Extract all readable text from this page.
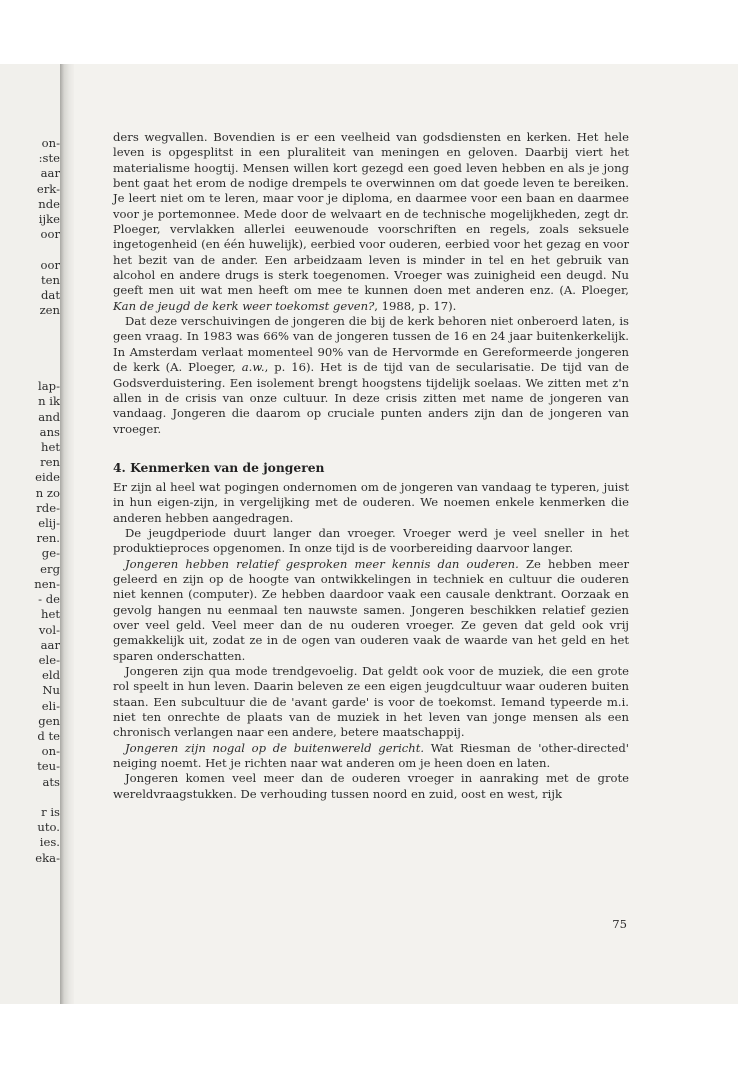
on-
:ste
aar
erk-
nde
ijke
oor

oor
ten
dat
zen

lap-
n ik
and
ans
het
ren
eide
n zo
rde-
elij-
ren.
ge-
erg
nen-
- de
het
vol-
aar
ele-
eld
Nu
eli-
gen
d te
on-
teu-
ats

r is
uto.
ies.
eka-

ders wegvallen. Bovendien is er een veelheid van godsdiensten en kerken. Het hele leven is opgesplitst in een pluraliteit van meningen en geloven. Daarbij viert het materialisme hoogtij. Mensen willen kort gezegd een goed leven hebben en als je jong bent gaat het erom de nodige drempels te overwinnen om dat goede leven te bereiken. Je leert niet om te leren, maar voor je diploma, en daarmee voor een baan en daarmee voor je portemonnee. Mede door de welvaart en de technische mogelijkheden, zegt dr. Ploeger, vervlakken allerlei eeuwenoude voorschriften en regels, zoals seksuele ingetogenheid (en één huwelijk), eerbied voor ouderen, eerbied voor het gezag en voor het bezit van de ander. Een arbeidzaam leven is minder in tel en het gebruik van alcohol en andere drugs is sterk toegenomen. Vroeger was zuinigheid een deugd. Nu geeft men uit wat men heeft om mee te kunnen doen met anderen enz. (A. Ploeger, Kan de jeugd de kerk weer toekomst geven?, 1988, p. 17).

Dat deze verschuivingen de jongeren die bij de kerk behoren niet onberoerd laten, is geen vraag. In 1983 was 66% van de jongeren tussen de 16 en 24 jaar buitenkerkelijk. In Amsterdam verlaat momenteel 90% van de Hervormde en Gereformeerde jongeren de kerk (A. Ploeger, a.w., p. 16). Het is de tijd van de secularisatie. De tijd van de Godsverduistering. Een isolement brengt hoogstens tijdelijk soelaas. We zitten met z'n allen in de crisis van onze cultuur. In deze crisis zitten met name de jongeren van vandaag. Jongeren die daarom op cruciale punten anders zijn dan de jongeren van vroeger.

4. Kenmerken van de jongeren

Er zijn al heel wat pogingen ondernomen om de jongeren van vandaag te typeren, juist in hun eigen-zijn, in vergelijking met de ouderen. We noemen enkele kenmerken die anderen hebben aangedragen.

De jeugdperiode duurt langer dan vroeger. Vroeger werd je veel sneller in het produktieproces opgenomen. In onze tijd is de voorbereiding daarvoor langer.

Jongeren hebben relatief gesproken meer kennis dan ouderen. Ze hebben meer geleerd en zijn op de hoogte van ontwikkelingen in techniek en cultuur die ouderen niet kennen (computer). Ze hebben daardoor vaak een causale denktrant. Oorzaak en gevolg hangen nu eenmaal ten nauwste samen. Jongeren beschikken relatief gezien over veel geld. Veel meer dan de nu ouderen vroeger. Ze geven dat geld ook vrij gemakkelijk uit, zodat ze in de ogen van ouderen vaak de waarde van het geld en het sparen onderschatten.

Jongeren zijn qua mode trendgevoelig. Dat geldt ook voor de muziek, die een grote rol speelt in hun leven. Daarin beleven ze een eigen jeugdcultuur waar ouderen buiten staan. Een subcultuur die de 'avant garde' is voor de toekomst. Iemand typeerde m.i. niet ten onrechte de plaats van de muziek in het leven van jonge mensen als een chronisch verlangen naar een andere, betere maatschappij.

Jongeren zijn nogal op de buitenwereld gericht. Wat Riesman de 'other-directed' neiging noemt. Het je richten naar wat anderen om je heen doen en laten.

Jongeren komen veel meer dan de ouderen vroeger in aanraking met de grote wereldvraagstukken. De verhouding tussen noord en zuid, oost en west, rijk

75
